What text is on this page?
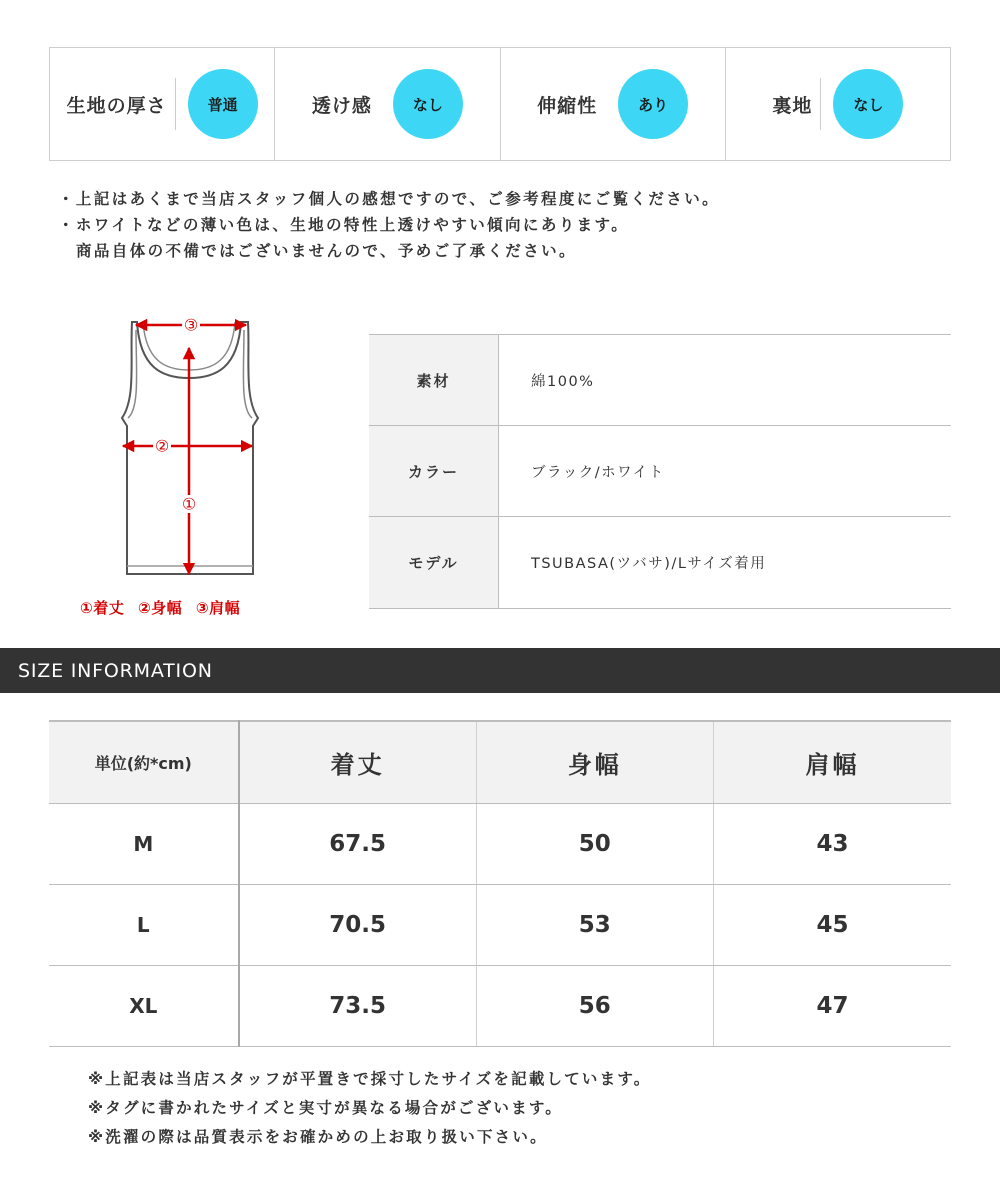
生地の厚さ	普通	透け感	なし	伸縮性	あり	裏地	なし
・上記はあくまで当店スタッフ個人の感想ですので、ご参考程度にご覧ください。
・ホワイトなどの薄い色は、生地の特性上透けやすい傾向にあります。
商品自体の不備ではございませんので、予めご了承ください。
③
②
①
①着丈 ②身幅 ③肩幅
素材	綿100%
カラー	ブラック/ホワイト
モデル	TSUBASA(ツバサ)/Lサイズ着用
SIZE INFORMATION
単位(約*cm)	着丈	身幅	肩幅
M	67.5	50	43
L	70.5	53	45
XL	73.5	56	47
※上記表は当店スタッフが平置きで採寸したサイズを記載しています。
※タグに書かれたサイズと実寸が異なる場合がございます。
※洗濯の際は品質表示をお確かめの上お取り扱い下さい。
